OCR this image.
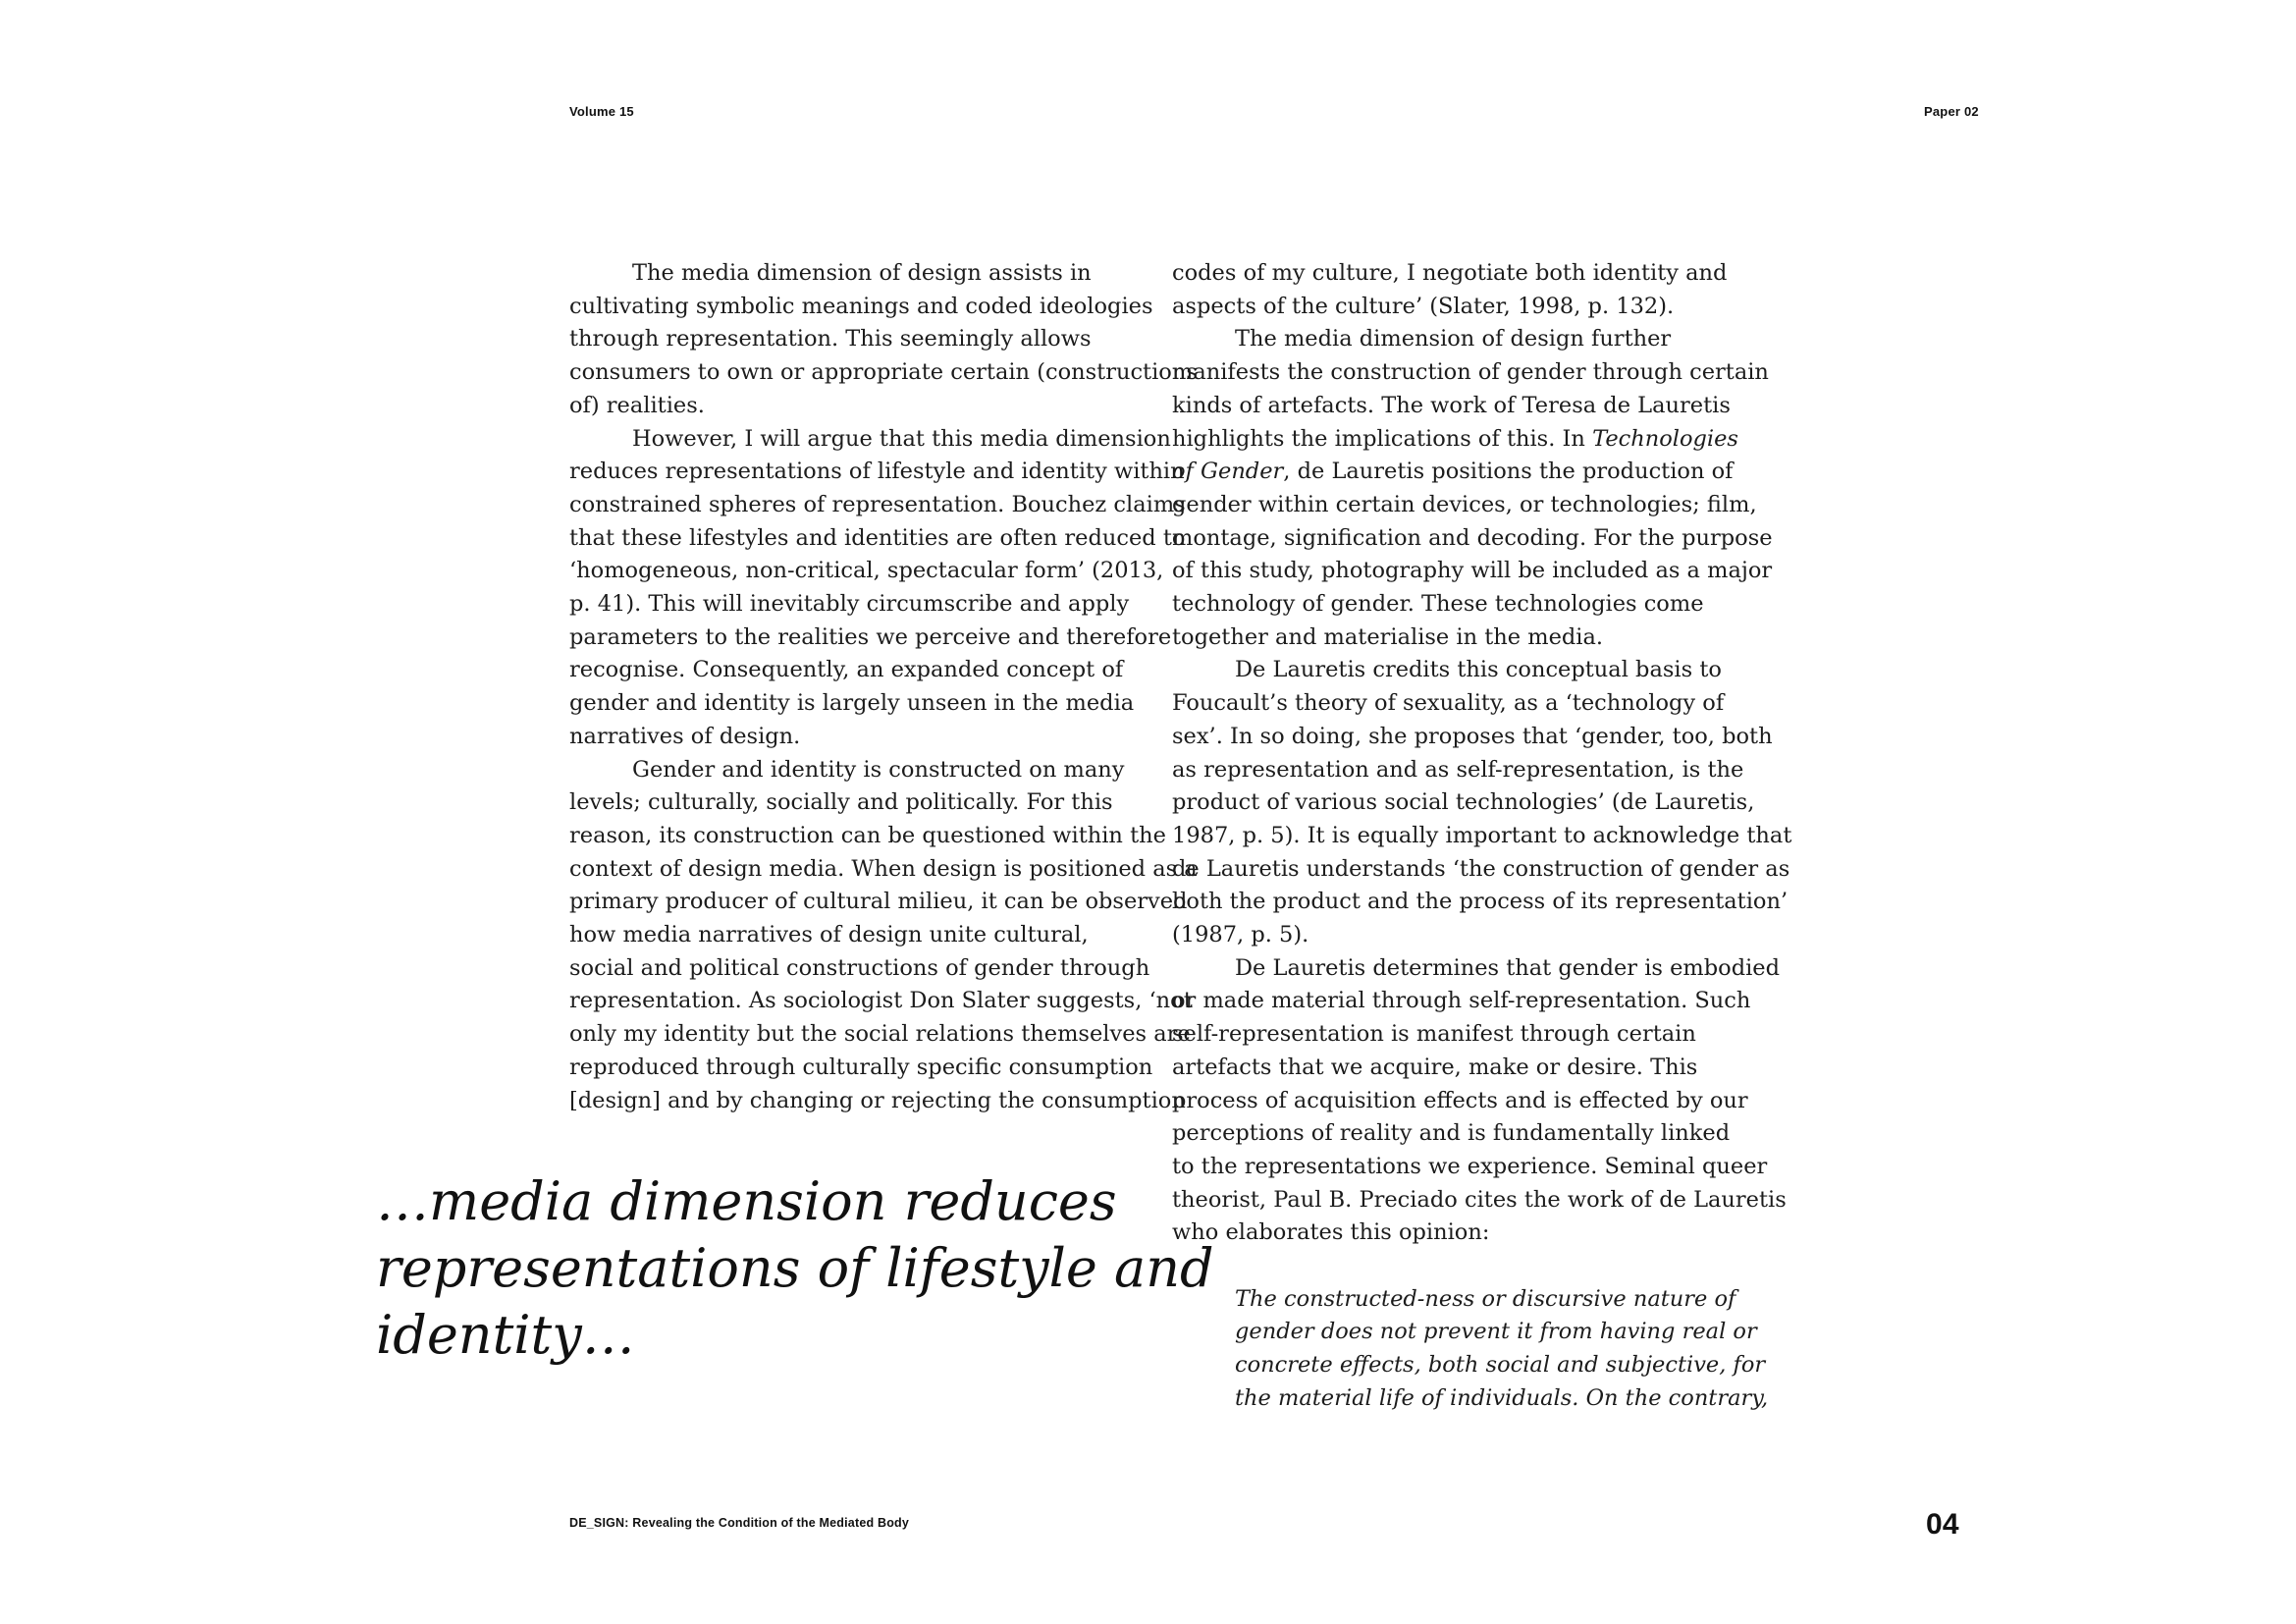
Volume 15	Paper 02
The media dimension of design assists in
cultivating symbolic meanings and coded ideologies
through representation. This seemingly allows
consumers to own or appropriate certain (constructions
of) realities.
However, I will argue that this media dimension
reduces representations of lifestyle and identity within
constrained spheres of representation. Bouchez claims
that these lifestyles and identities are often reduced to
‘homogeneous, non-critical, spectacular form’ (2013,
p. 41). This will inevitably circumscribe and apply
parameters to the realities we perceive and therefore
recognise. Consequently, an expanded concept of
gender and identity is largely unseen in the media
narratives of design.
Gender and identity is constructed on many
levels; culturally, socially and politically. For this
reason, its construction can be questioned within the
context of design media. When design is positioned as a
primary producer of cultural milieu, it can be observed
how media narratives of design unite cultural,
social and political constructions of gender through
representation. As sociologist Don Slater suggests, ‘not
only my identity but the social relations themselves are
reproduced through culturally specific consumption
[design] and by changing or rejecting the consumption
…media dimension reduces
representations of lifestyle and
identity…
codes of my culture, I negotiate both identity and
aspects of the culture’ (Slater, 1998, p. 132).
The media dimension of design further
manifests the construction of gender through certain
kinds of artefacts. The work of Teresa de Lauretis
highlights the implications of this. In Technologies
of Gender, de Lauretis positions the production of
gender within certain devices, or technologies; film,
montage, signification and decoding. For the purpose
of this study, photography will be included as a major
technology of gender. These technologies come
together and materialise in the media.
De Lauretis credits this conceptual basis to
Foucault’s theory of sexuality, as a ‘technology of
sex’. In so doing, she proposes that ‘gender, too, both
as representation and as self-representation, is the
product of various social technologies’ (de Lauretis,
1987, p. 5). It is equally important to acknowledge that
de Lauretis understands ‘the construction of gender as
both the product and the process of its representation’
(1987, p. 5).
De Lauretis determines that gender is embodied
or made material through self-representation. Such
self-representation is manifest through certain
artefacts that we acquire, make or desire. This
process of acquisition effects and is effected by our
perceptions of reality and is fundamentally linked
to the representations we experience. Seminal queer
theorist, Paul B. Preciado cites the work of de Lauretis
who elaborates this opinion:
The constructed-ness or discursive nature of
gender does not prevent it from having real or
concrete effects, both social and subjective, for
the material life of individuals. On the contrary,
DE_SIGN: Revealing the Condition of the Mediated Body	04
